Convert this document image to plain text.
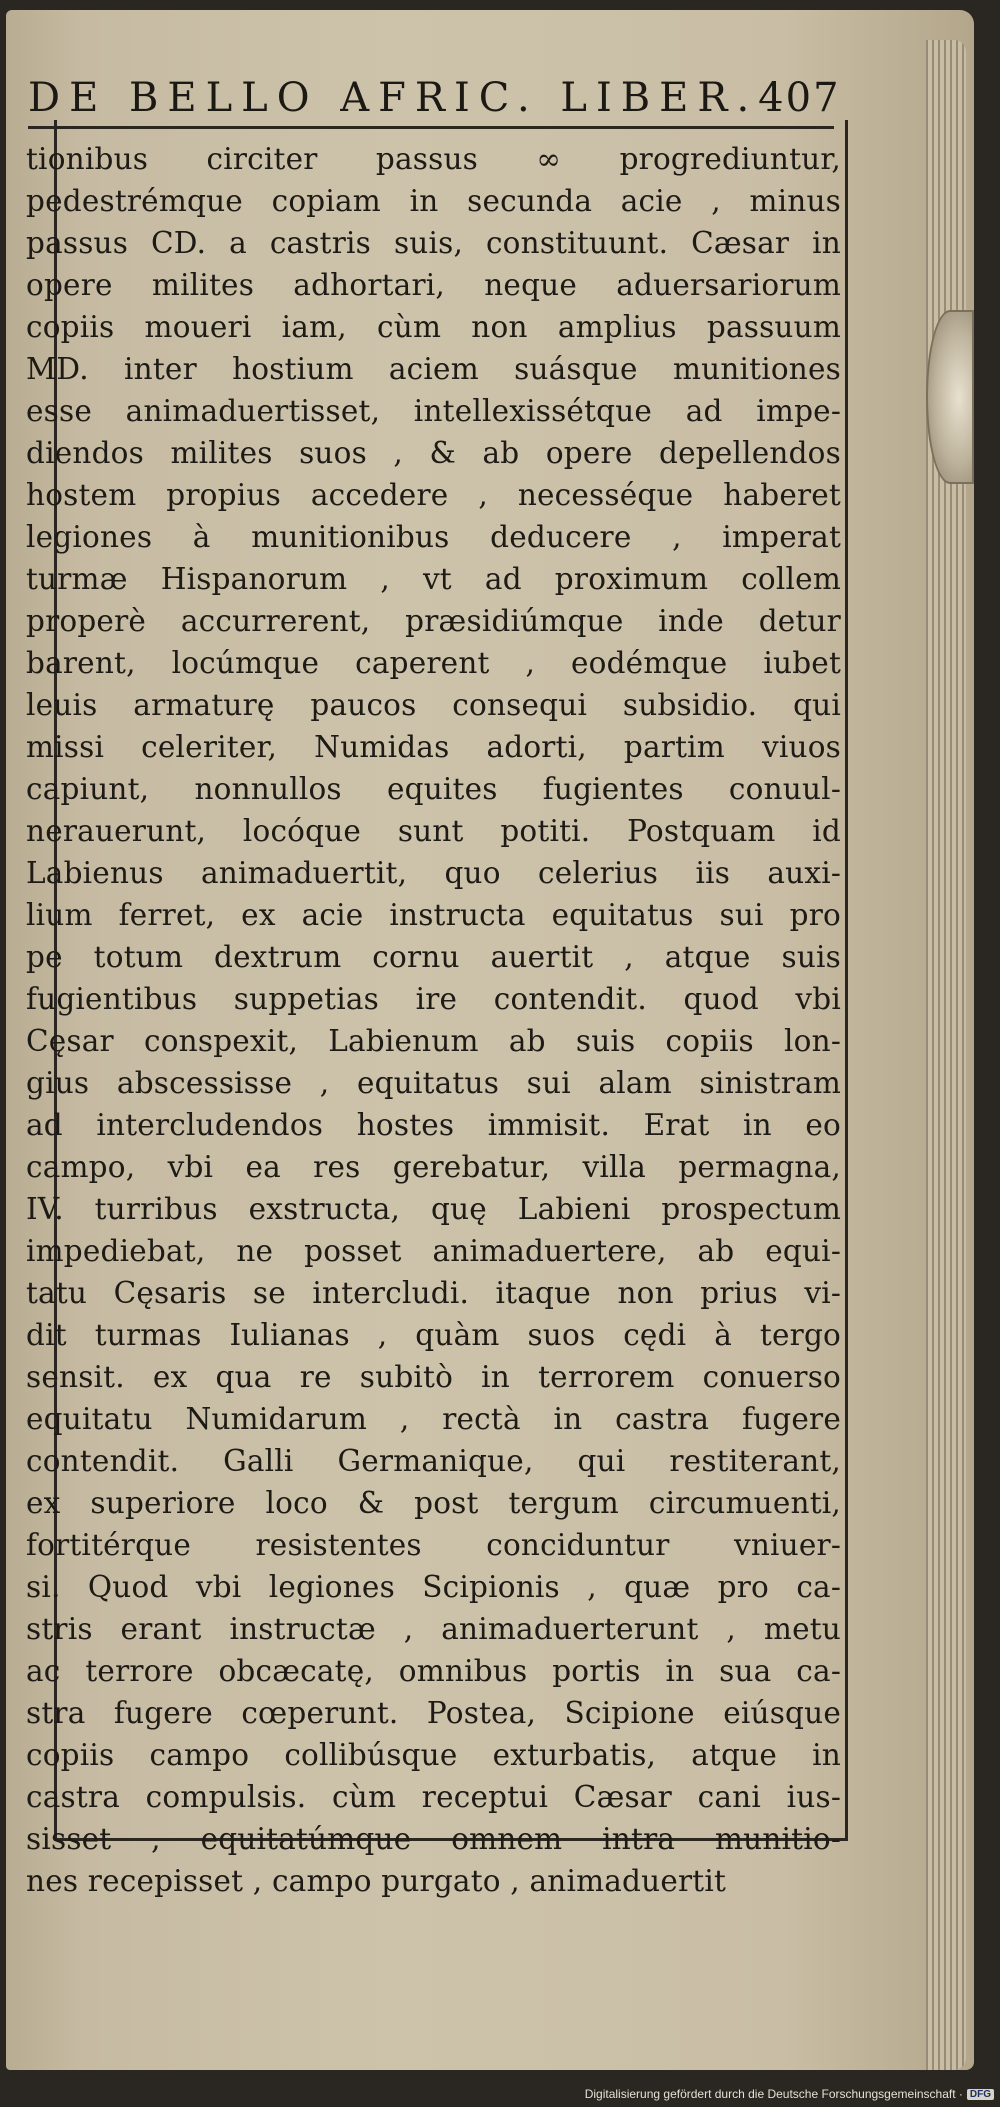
DE BELLO AFRIC. LIBER. 407
tionibus circiter passus ∞ progrediuntur,
pedestrémque copiam in secunda acie , minus
passus CD. a castris suis, constituunt. Cæsar in
opere milites adhortari, neque aduersariorum
copiis moueri iam, cùm non amplius passuum
MD. inter hostium aciem suásque munitiones
esse animaduertisset, intellexissétque ad impe-
diendos milites suos , & ab opere depellendos
hostem propius accedere , necesséque haberet
legiones à munitionibus deducere , imperat
turmæ Hispanorum , vt ad proximum collem
properè accurrerent, præsidiúmque inde detur
barent, locúmque caperent , eodémque iubet
leuis armaturę paucos consequi subsidio. qui
missi celeriter, Numidas adorti, partim viuos
capiunt, nonnullos equites fugientes conuul-
nerauerunt, locóque sunt potiti. Postquam id
Labienus animaduertit, quo celerius iis auxi-
lium ferret, ex acie instructa equitatus sui pro
pe totum dextrum cornu auertit , atque suis
fugientibus suppetias ire contendit. quod vbi
Cęsar conspexit, Labienum ab suis copiis lon-
gius abscessisse , equitatus sui alam sinistram
ad intercludendos hostes immisit. Erat in eo
campo, vbi ea res gerebatur, villa permagna,
IV. turribus exstructa, quę Labieni prospectum
impediebat, ne posset animaduertere, ab equi-
tatu Cęsaris se intercludi. itaque non prius vi-
dit turmas Iulianas , quàm suos cędi à tergo
sensit. ex qua re subitò in terrorem conuerso
equitatu Numidarum , rectà in castra fugere
contendit. Galli Germanique, qui restiterant,
ex superiore loco & post tergum circumuenti,
fortitérque resistentes conciduntur vniuer-
si. Quod vbi legiones Scipionis , quæ pro ca-
stris erant instructæ , animaduerterunt , metu
ac terrore obcæcatę, omnibus portis in sua ca-
stra fugere cœperunt. Postea, Scipione eiúsque
copiis campo collibúsque exturbatis, atque in
castra compulsis. cùm receptui Cæsar cani ius-
sisset , equitatúmque omnem intra munitio-
nes recepisset , campo purgato , animaduertit
Digitalisierung gefördert durch die Deutsche Forschungsgemeinschaft · DFG
